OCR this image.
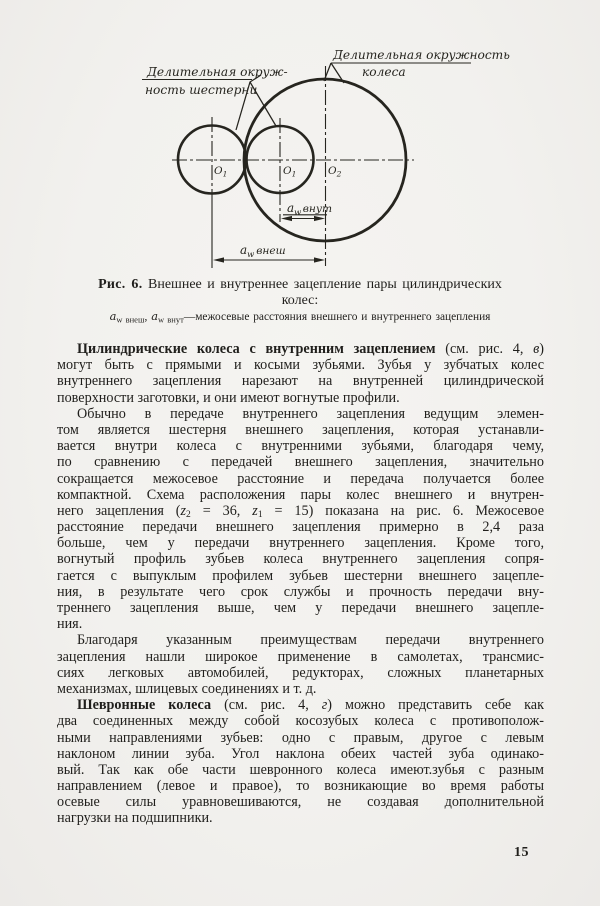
Делительная окруж-
ность шестерни
Делительная окружность
колеса
O1	O1	O2
aw внут
aw внеш
Рис. 6. Внешнее и внутреннее зацепление пары цилиндрических
колес:
$a_{w внеш}$, $a_{w внут}—межосевые$ расстояния внешнего и внутреннего зацепления
Цилиндрические колеса с внутренним зацеплением (см. рис. 4, в)
могут быть с прямыми и косыми зубьями. Зубья у зубчатых колес
внутреннего зацепления нарезают на внутренней цилиндрической
поверхности заготовки, и они имеют вогнутые профили.
Обычно в передаче внутреннего зацепления ведущим элемен-
том является шестерня внешнего зацепления, которая устанавли-
вается внутри колеса с внутренними зубьями, благодаря чему,
по сравнению с передачей внешнего зацепления, значительно
сокращается межосевое расстояние и передача получается более
компактной. Схема расположения пары колес внешнего и внутрен-
него зацепления (z2 = 36, z1 = 15) показана на рис. 6. Межосевое
расстояние передачи внешнего зацепления примерно в 2,4 раза
больше, чем у передачи внутреннего зацепления. Кроме того,
вогнутый профиль зубьев колеса внутреннего зацепления сопря-
гается с выпуклым профилем зубьев шестерни внешнего зацепле-
ния, в результате чего срок службы и прочность передачи вну-
треннего зацепления выше, чем у передачи внешнего зацепле-
ния.
Благодаря указанным преимуществам передачи внутреннего
зацепления нашли широкое применение в самолетах, трансмис-
сиях легковых автомобилей, редукторах, сложных планетарных
механизмах, шлицевых соединениях и т. д.
Шевронные колеса (см. рис. 4, г) можно представить себе как
два соединенных между собой косозубых колеса с противополож-
ными направлениями зубьев: одно с правым, другое с левым
наклоном линии зуба. Угол наклона обеих частей зуба одинако-
вый. Так как обе части шевронного колеса имеют.зубья с разным
направлением (левое и правое), то возникающие во время работы
осевые силы уравновешиваются, не создавая дополнительной
нагрузки на подшипники.
15
